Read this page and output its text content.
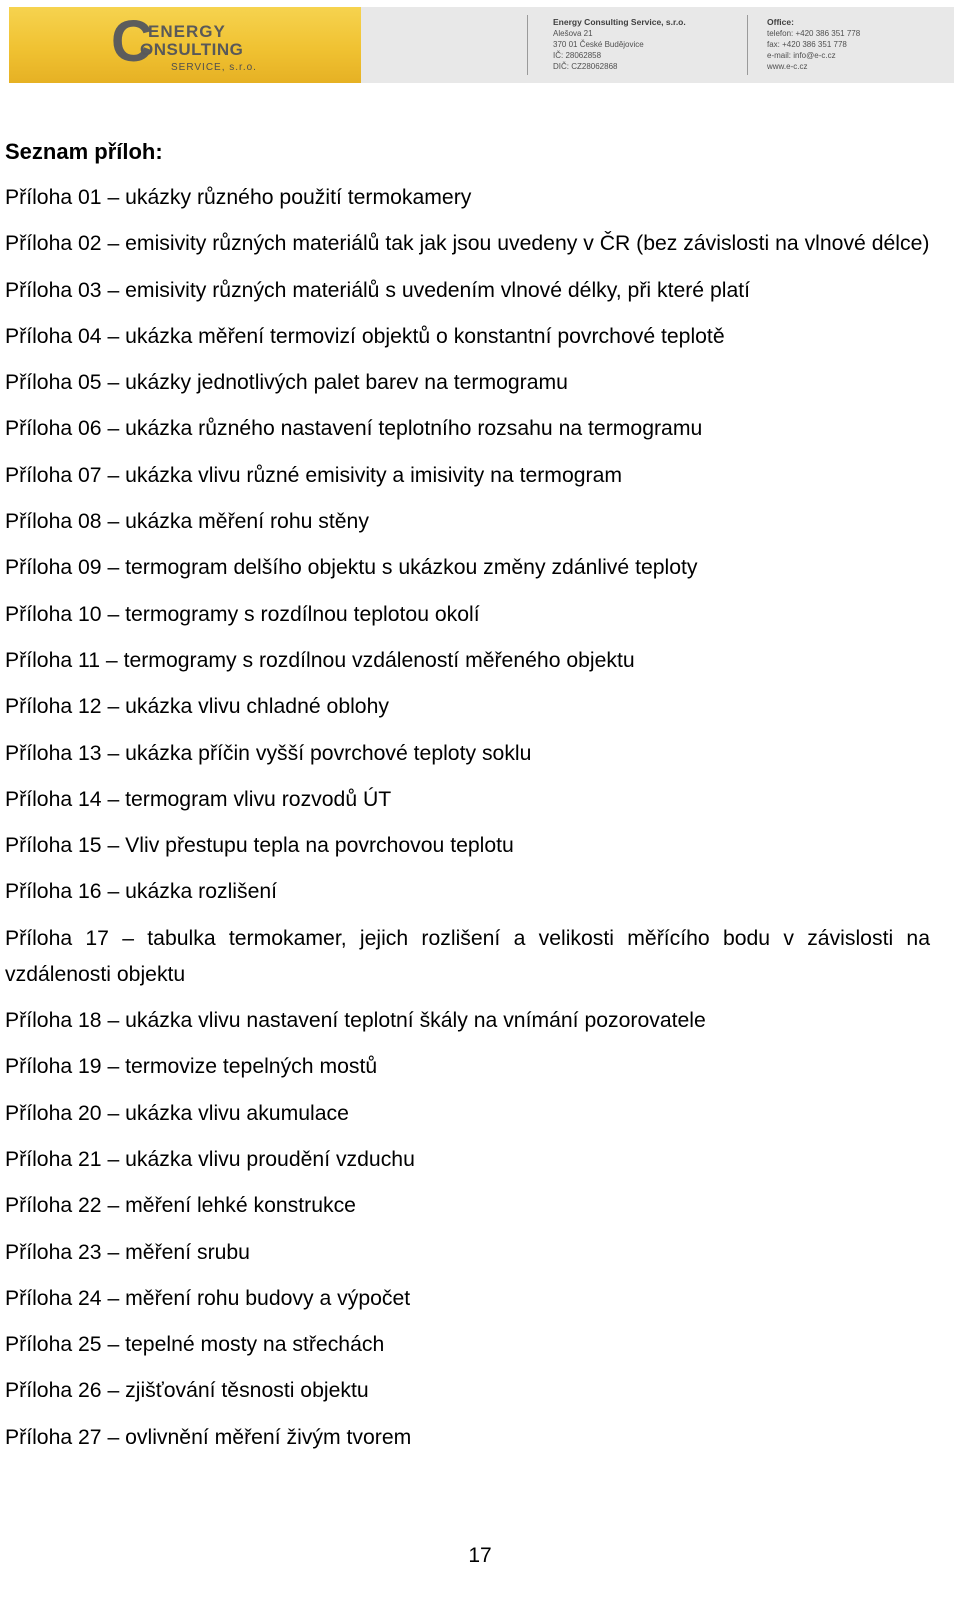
C
ENERGY
ONSULTING
SERVICE, s.r.o.
Energy Consulting Service, s.r.o.
Alešova 21
370 01 České Budějovice
IČ: 28062858
DIČ: CZ28062868
Office:
telefon: +420 386 351 778
fax: +420 386 351 778
e-mail: info@e-c.cz
www.e-c.cz
Seznam příloh:
Příloha 01 – ukázky různého použití termokamery
Příloha 02 – emisivity různých materiálů tak jak jsou uvedeny v ČR (bez závislosti na vlnové délce)
Příloha 03 – emisivity různých materiálů s uvedením vlnové délky, při které platí
Příloha 04 – ukázka měření termovizí objektů o konstantní povrchové teplotě
Příloha 05 – ukázky jednotlivých palet barev na termogramu
Příloha 06 – ukázka různého nastavení teplotního rozsahu na termogramu
Příloha 07 – ukázka vlivu různé emisivity a imisivity na termogram
Příloha 08 – ukázka měření rohu stěny
Příloha 09 – termogram delšího objektu s ukázkou změny zdánlivé teploty
Příloha 10 – termogramy s rozdílnou teplotou okolí
Příloha 11 – termogramy s rozdílnou vzdáleností měřeného objektu
Příloha 12 – ukázka vlivu chladné oblohy
Příloha 13 – ukázka příčin vyšší povrchové teploty soklu
Příloha 14 – termogram vlivu rozvodů ÚT
Příloha 15 – Vliv přestupu tepla na povrchovou teplotu
Příloha 16 – ukázka rozlišení
Příloha 17 – tabulka termokamer, jejich rozlišení a velikosti měřícího bodu v závislosti na vzdálenosti objektu
Příloha 18 – ukázka vlivu nastavení teplotní škály na vnímání pozorovatele
Příloha 19 – termovize tepelných mostů
Příloha 20 – ukázka vlivu akumulace
Příloha 21 – ukázka vlivu proudění vzduchu
Příloha 22 – měření lehké konstrukce
Příloha 23 – měření srubu
Příloha 24 – měření rohu budovy a výpočet
Příloha 25 – tepelné mosty na střechách
Příloha 26 – zjišťování těsnosti objektu
Příloha 27 – ovlivnění měření živým tvorem
17
